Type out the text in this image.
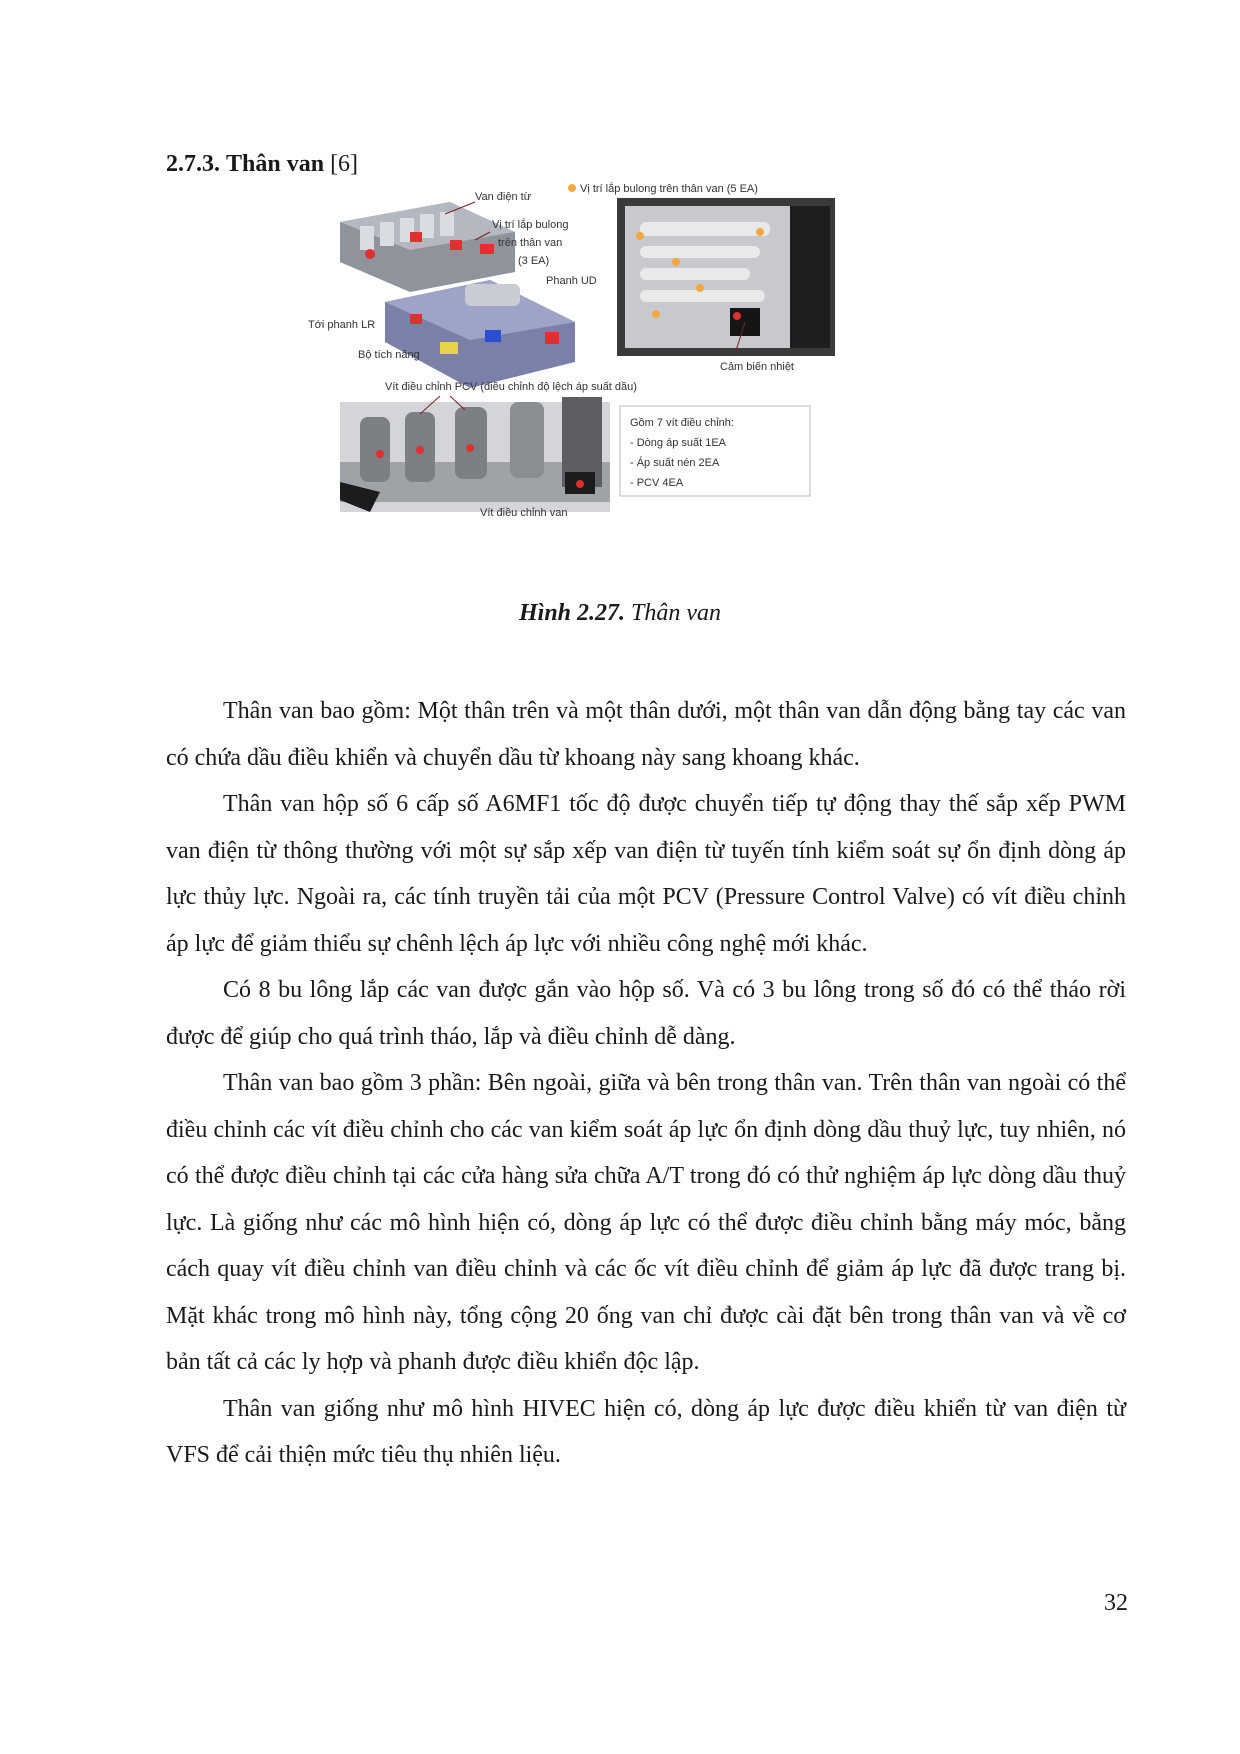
2.7.3. Thân van [6]
Van điện từ
Vị trí lắp bulong
trên thân van
(3 EA)
Phanh UD
Tới phanh LR
Bộ tích năng
Vị trí lắp bulong trên thân van (5 EA)
Cảm biến nhiệt
Vít điều chỉnh PCV (điều chỉnh độ lệch áp suất dầu)
Vít điều chỉnh van
Gồm 7 vít điều chỉnh:
- Dòng áp suất 1EA
- Áp suất nén 2EA
- PCV 4EA
Hình 2.27. Thân van

Thân van bao gồm: Một thân trên và một thân dưới, một thân van dẫn động bằng tay các van có chứa dầu điều khiển và chuyển dầu từ khoang này sang khoang khác.

Thân van hộp số 6 cấp số A6MF1 tốc độ được chuyển tiếp tự động thay thế sắp xếp PWM van điện từ thông thường với một sự sắp xếp van điện từ tuyến tính kiểm soát sự ổn định dòng áp lực thủy lực. Ngoài ra, các tính truyền tải của một PCV (Pressure Control Valve) có vít điều chỉnh áp lực để giảm thiểu sự chênh lệch áp lực với nhiều công nghệ mới khác.

Có 8 bu lông lắp các van được gắn vào hộp số. Và có 3 bu lông trong số đó có thể tháo rời được để giúp cho quá trình tháo, lắp và điều chỉnh dễ dàng.

Thân van bao gồm 3 phần: Bên ngoài, giữa và bên trong thân van. Trên thân van ngoài có thể điều chỉnh các vít điều chỉnh cho các van kiểm soát áp lực ổn định dòng dầu thuỷ lực, tuy nhiên, nó có thể được điều chỉnh tại các cửa hàng sửa chữa A/T trong đó có thử nghiệm áp lực dòng dầu thuỷ lực. Là giống như các mô hình hiện có, dòng áp lực có thể được điều chỉnh bằng máy móc, bằng cách quay vít điều chỉnh van điều chỉnh và các ốc vít điều chỉnh để giảm áp lực đã được trang bị. Mặt khác trong mô hình này, tổng cộng 20 ống van chỉ được cài đặt bên trong thân van và về cơ bản tất cả các ly hợp và phanh được điều khiển độc lập.

Thân van giống như mô hình HIVEC hiện có, dòng áp lực được điều khiển từ van điện từ VFS để cải thiện mức tiêu thụ nhiên liệu.

32
